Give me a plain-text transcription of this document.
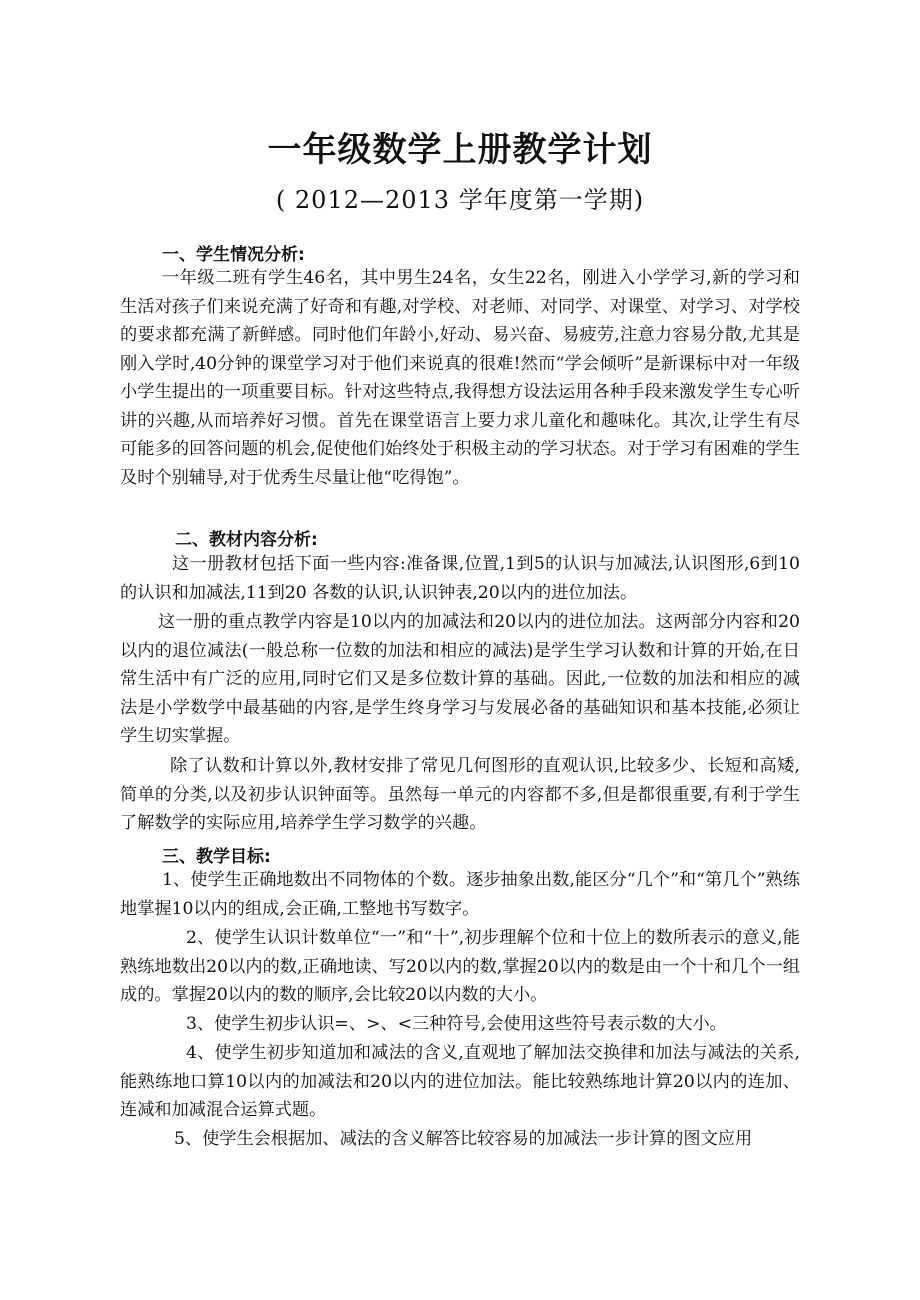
一年级数学上册教学计划
( 2012—2013 学年度第一学期)
一、学生情况分析:

一年级二班有学生46名，其中男生24名，女生22名，刚进入小学学习,新的学习和生活对孩子们来说充满了好奇和有趣,对学校、对老师、对同学、对课堂、对学习、对学校的要求都充满了新鲜感。同时他们年龄小,好动、易兴奋、易疲劳,注意力容易分散,尤其是刚入学时,40分钟的课堂学习对于他们来说真的很难!然而“学会倾听”是新课标中对一年级小学生提出的一项重要目标。针对这些特点,我得想方设法运用各种手段来激发学生专心听讲的兴趣,从而培养好习惯。首先在课堂语言上要力求儿童化和趣味化。其次,让学生有尽可能多的回答问题的机会,促使他们始终处于积极主动的学习状态。对于学习有困难的学生及时个别辅导,对于优秀生尽量让他“吃得饱”。

二、教材内容分析:

这一册教材包括下面一些内容:准备课,位置,1到5的认识与加减法,认识图形,6到10的认识和加减法,11到20 各数的认识,认识钟表,20以内的进位加法。

这一册的重点教学内容是10以内的加减法和20以内的进位加法。这两部分内容和20以内的退位减法(一般总称一位数的加法和相应的减法)是学生学习认数和计算的开始,在日常生活中有广泛的应用,同时它们又是多位数计算的基础。因此,一位数的加法和相应的减法是小学数学中最基础的内容,是学生终身学习与发展必备的基础知识和基本技能,必须让学生切实掌握。

除了认数和计算以外,教材安排了常见几何图形的直观认识,比较多少、长短和高矮,简单的分类,以及初步认识钟面等。虽然每一单元的内容都不多,但是都很重要,有利于学生了解数学的实际应用,培养学生学习数学的兴趣。

三、教学目标:

1、使学生正确地数出不同物体的个数。逐步抽象出数,能区分“几个”和“第几个”熟练地掌握10以内的组成,会正确,工整地书写数字。

2、使学生认识计数单位“一”和“十”,初步理解个位和十位上的数所表示的意义,能熟练地数出20以内的数,正确地读、写20以内的数,掌握20以内的数是由一个十和几个一组成的。掌握20以内的数的顺序,会比较20以内数的大小。

3、使学生初步认识=、>、<三种符号,会使用这些符号表示数的大小。

4、使学生初步知道加和减法的含义,直观地了解加法交换律和加法与减法的关系,能熟练地口算10以内的加减法和20以内的进位加法。能比较熟练地计算20以内的连加、连减和加减混合运算式题。

5、使学生会根据加、减法的含义解答比较容易的加减法一步计算的图文应用
